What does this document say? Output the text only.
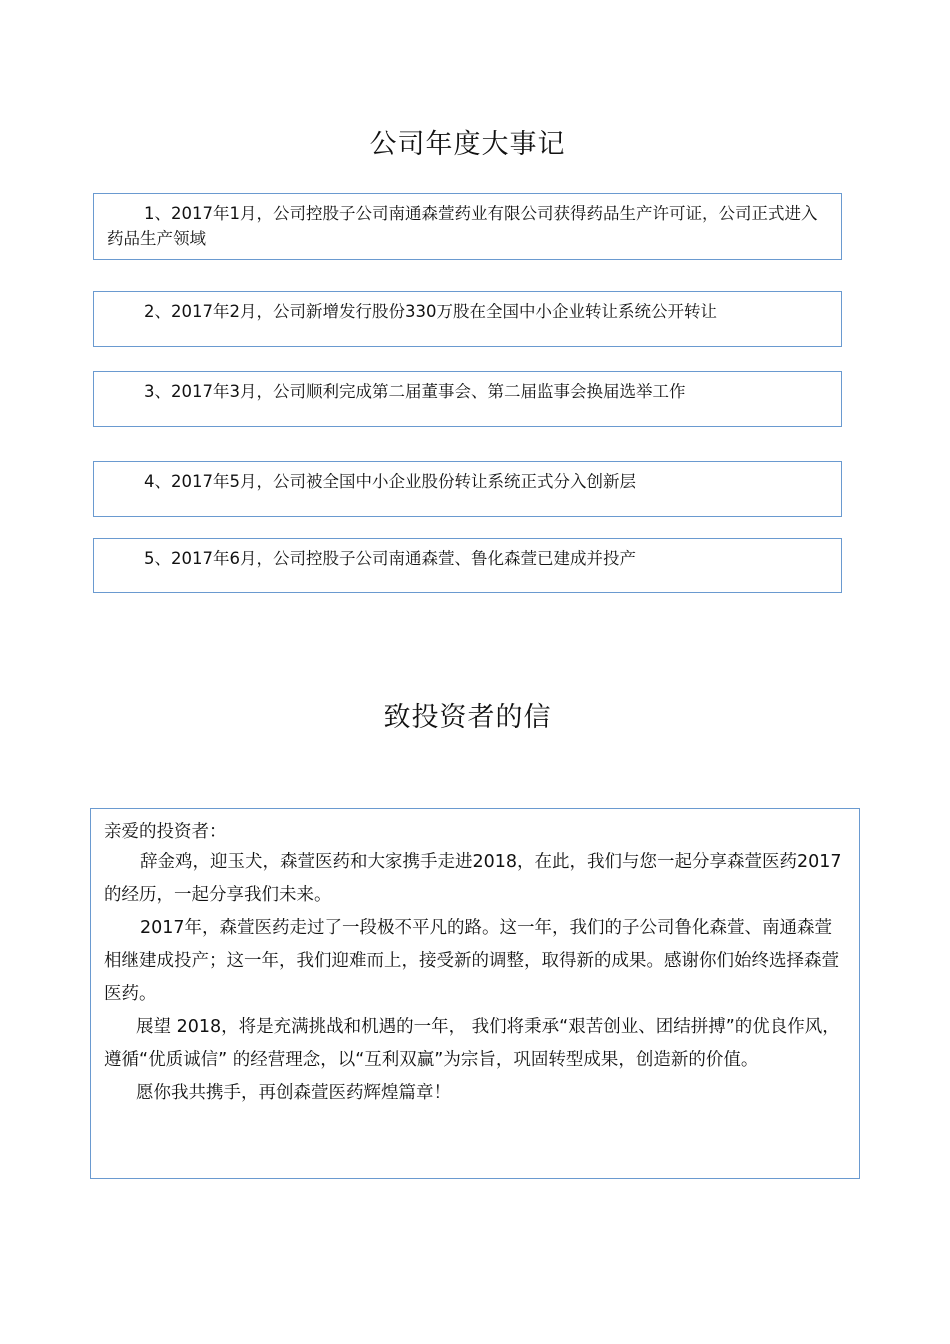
公司年度大事记
1、2017年1月，公司控股子公司南通森萱药业有限公司获得药品生产许可证，公司正式进入药品生产领域
2、2017年2月，公司新增发行股份330万股在全国中小企业转让系统公开转让
3、2017年3月，公司顺利完成第二届董事会、第二届监事会换届选举工作
4、2017年5月，公司被全国中小企业股份转让系统正式分入创新层
5、2017年6月，公司控股子公司南通森萱、鲁化森萱已建成并投产
致投资者的信

亲爱的投资者：

辞金鸡，迎玉犬，森萱医药和大家携手走进2018，在此，我们与您一起分享森萱医药2017的经历，一起分享我们未来。

2017年，森萱医药走过了一段极不平凡的路。这一年，我们的子公司鲁化森萱、南通森萱相继建成投产；这一年，我们迎难而上，接受新的调整，取得新的成果。感谢你们始终选择森萱医药。

展望 2018，将是充满挑战和机遇的一年， 我们将秉承“艰苦创业、团结拼搏”的优良作风，遵循“优质诚信” 的经营理念，以“互利双赢”为宗旨，巩固转型成果，创造新的价值。

愿你我共携手，再创森萱医药辉煌篇章！
